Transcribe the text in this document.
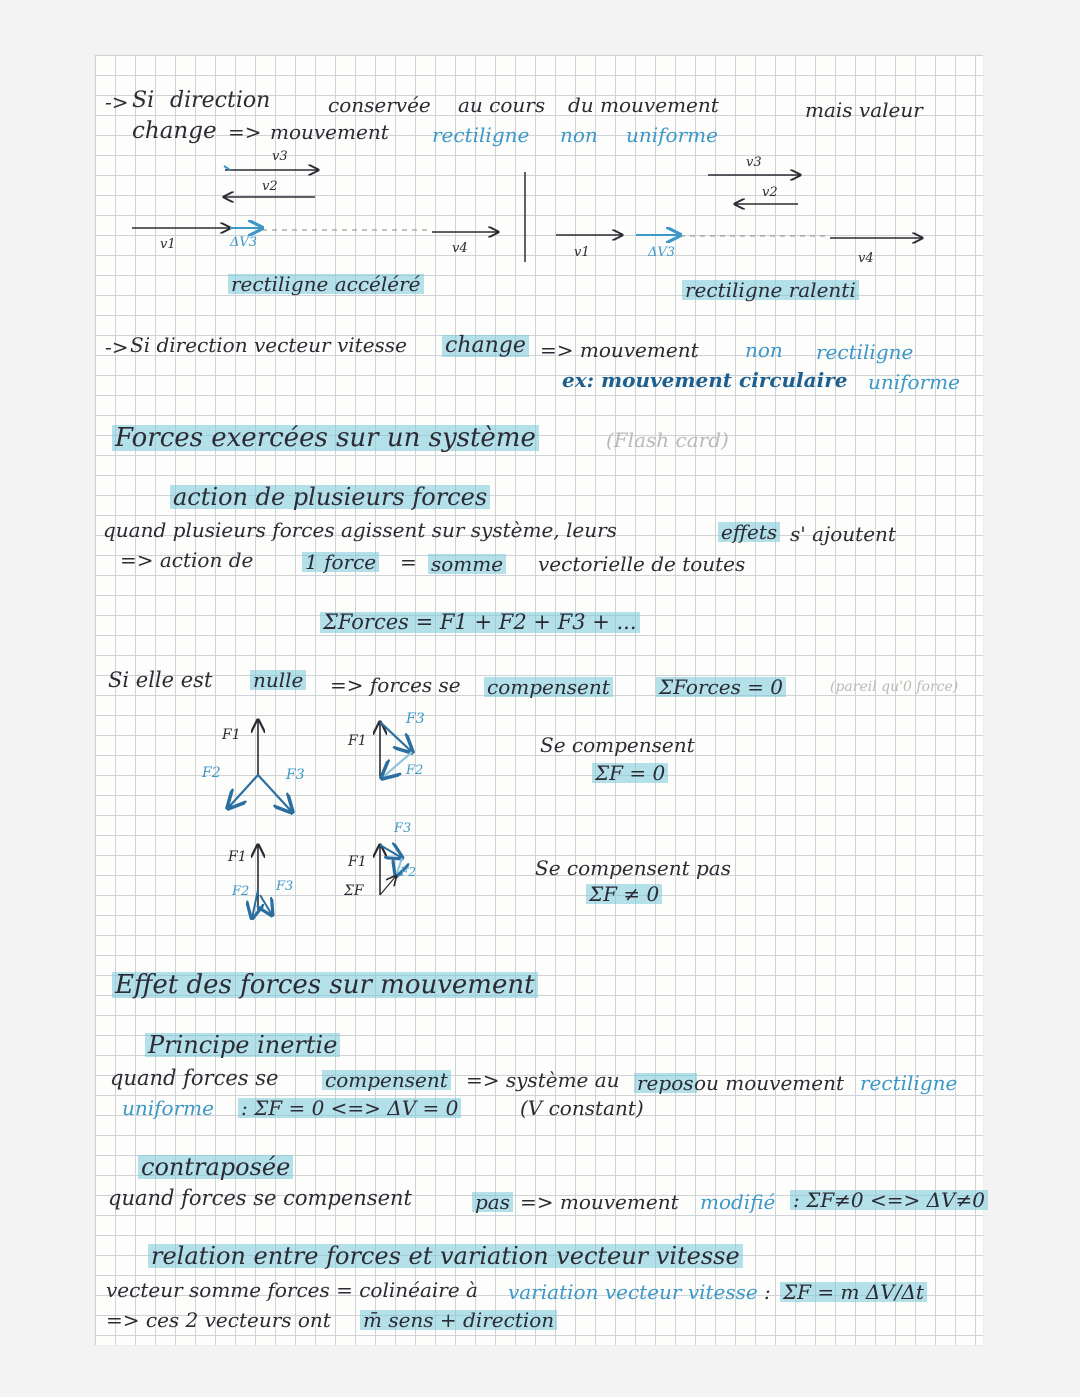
-> Si direction	conservée au cours du mouvement	mais valeur
change => mouvement rectiligne non uniforme
v3
v2
v1	ΔV3	v4
rectiligne accéléré
v3
v2
v1	ΔV3	v4
rectiligne ralenti
-> Si direction vecteur vitesse change => mouvement non rectiligne
ex: mouvement circulaire uniforme
Forces exercées sur un système	(Flash card)
action de plusieurs forces
quand plusieurs forces agissent sur système, leurs	effets s' ajoutent
=> action de	1 force = somme vectorielle de toutes
ΣForces = F1 + F2 + F3 + ...
Si elle est nulle => forces se compensent ΣForces = 0	(pareil qu'0 force)
F1
F2	F3
F1
F3
F2
F1
F2 F3
F1
F3
F2
ΣF
Se compensent
ΣF = 0
Se compensent pas
ΣF ≠ 0
Effet des forces sur mouvement
Principe inertie
quand forces se compensent => système au repos ou mouvement rectiligne
uniforme : ΣF = 0 <=> ΔV = 0	(V constant)
contraposée
quand forces se compensent	pas => mouvement modifié : ΣF≠0 <=> ΔV≠0
relation entre forces et variation vecteur vitesse
vecteur somme forces = colinéaire à variation vecteur vitesse : ΣF = m ΔV/Δt
=> ces 2 vecteurs ont m̄ sens + direction
